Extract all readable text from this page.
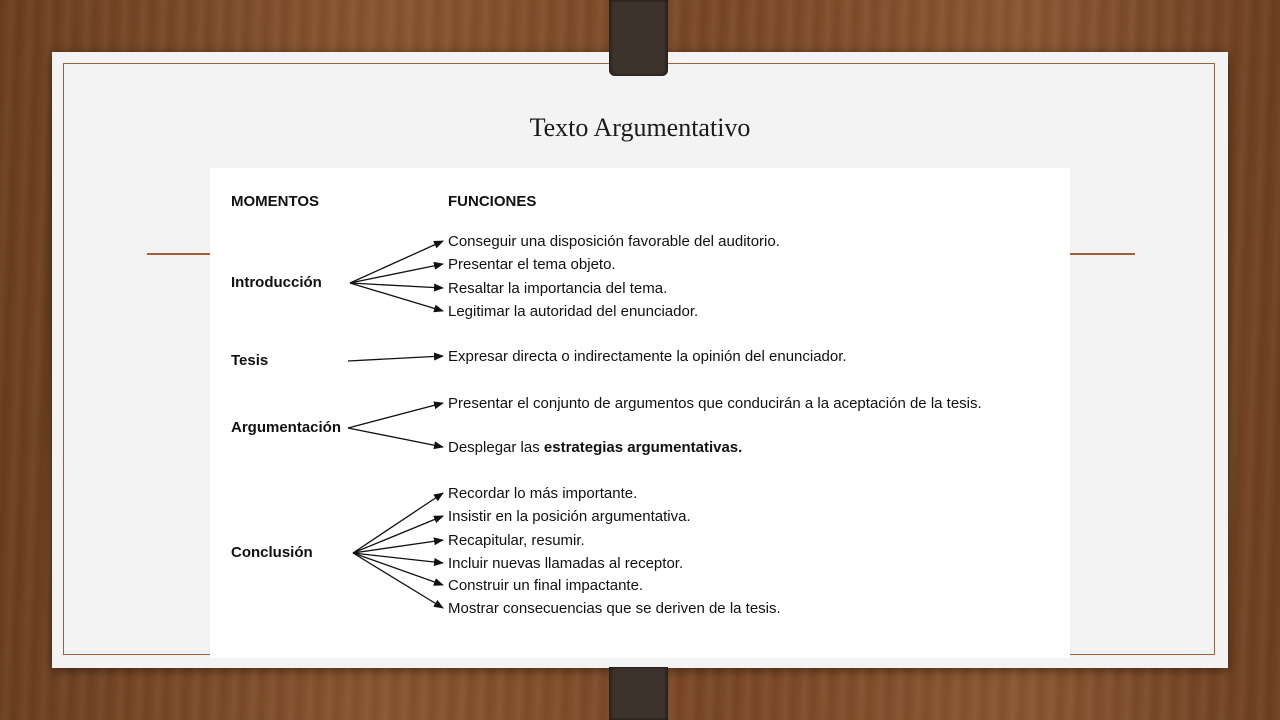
Texto Argumentativo
MOMENTOS	FUNCIONES
Introducción
Conseguir una disposición favorable del auditorio.
Presentar el tema objeto.
Resaltar la importancia del tema.
Legitimar la autoridad del enunciador.
Tesis	Expresar directa o indirectamente la opinión del enunciador.
Argumentación
Presentar el conjunto de argumentos que conducirán a la aceptación de la tesis.
Desplegar las estrategias argumentativas.
Conclusión
Recordar lo más importante.
Insistir en la posición argumentativa.
Recapitular, resumir.
Incluir nuevas llamadas al receptor.
Construir un final impactante.
Mostrar consecuencias que se deriven de la tesis.
